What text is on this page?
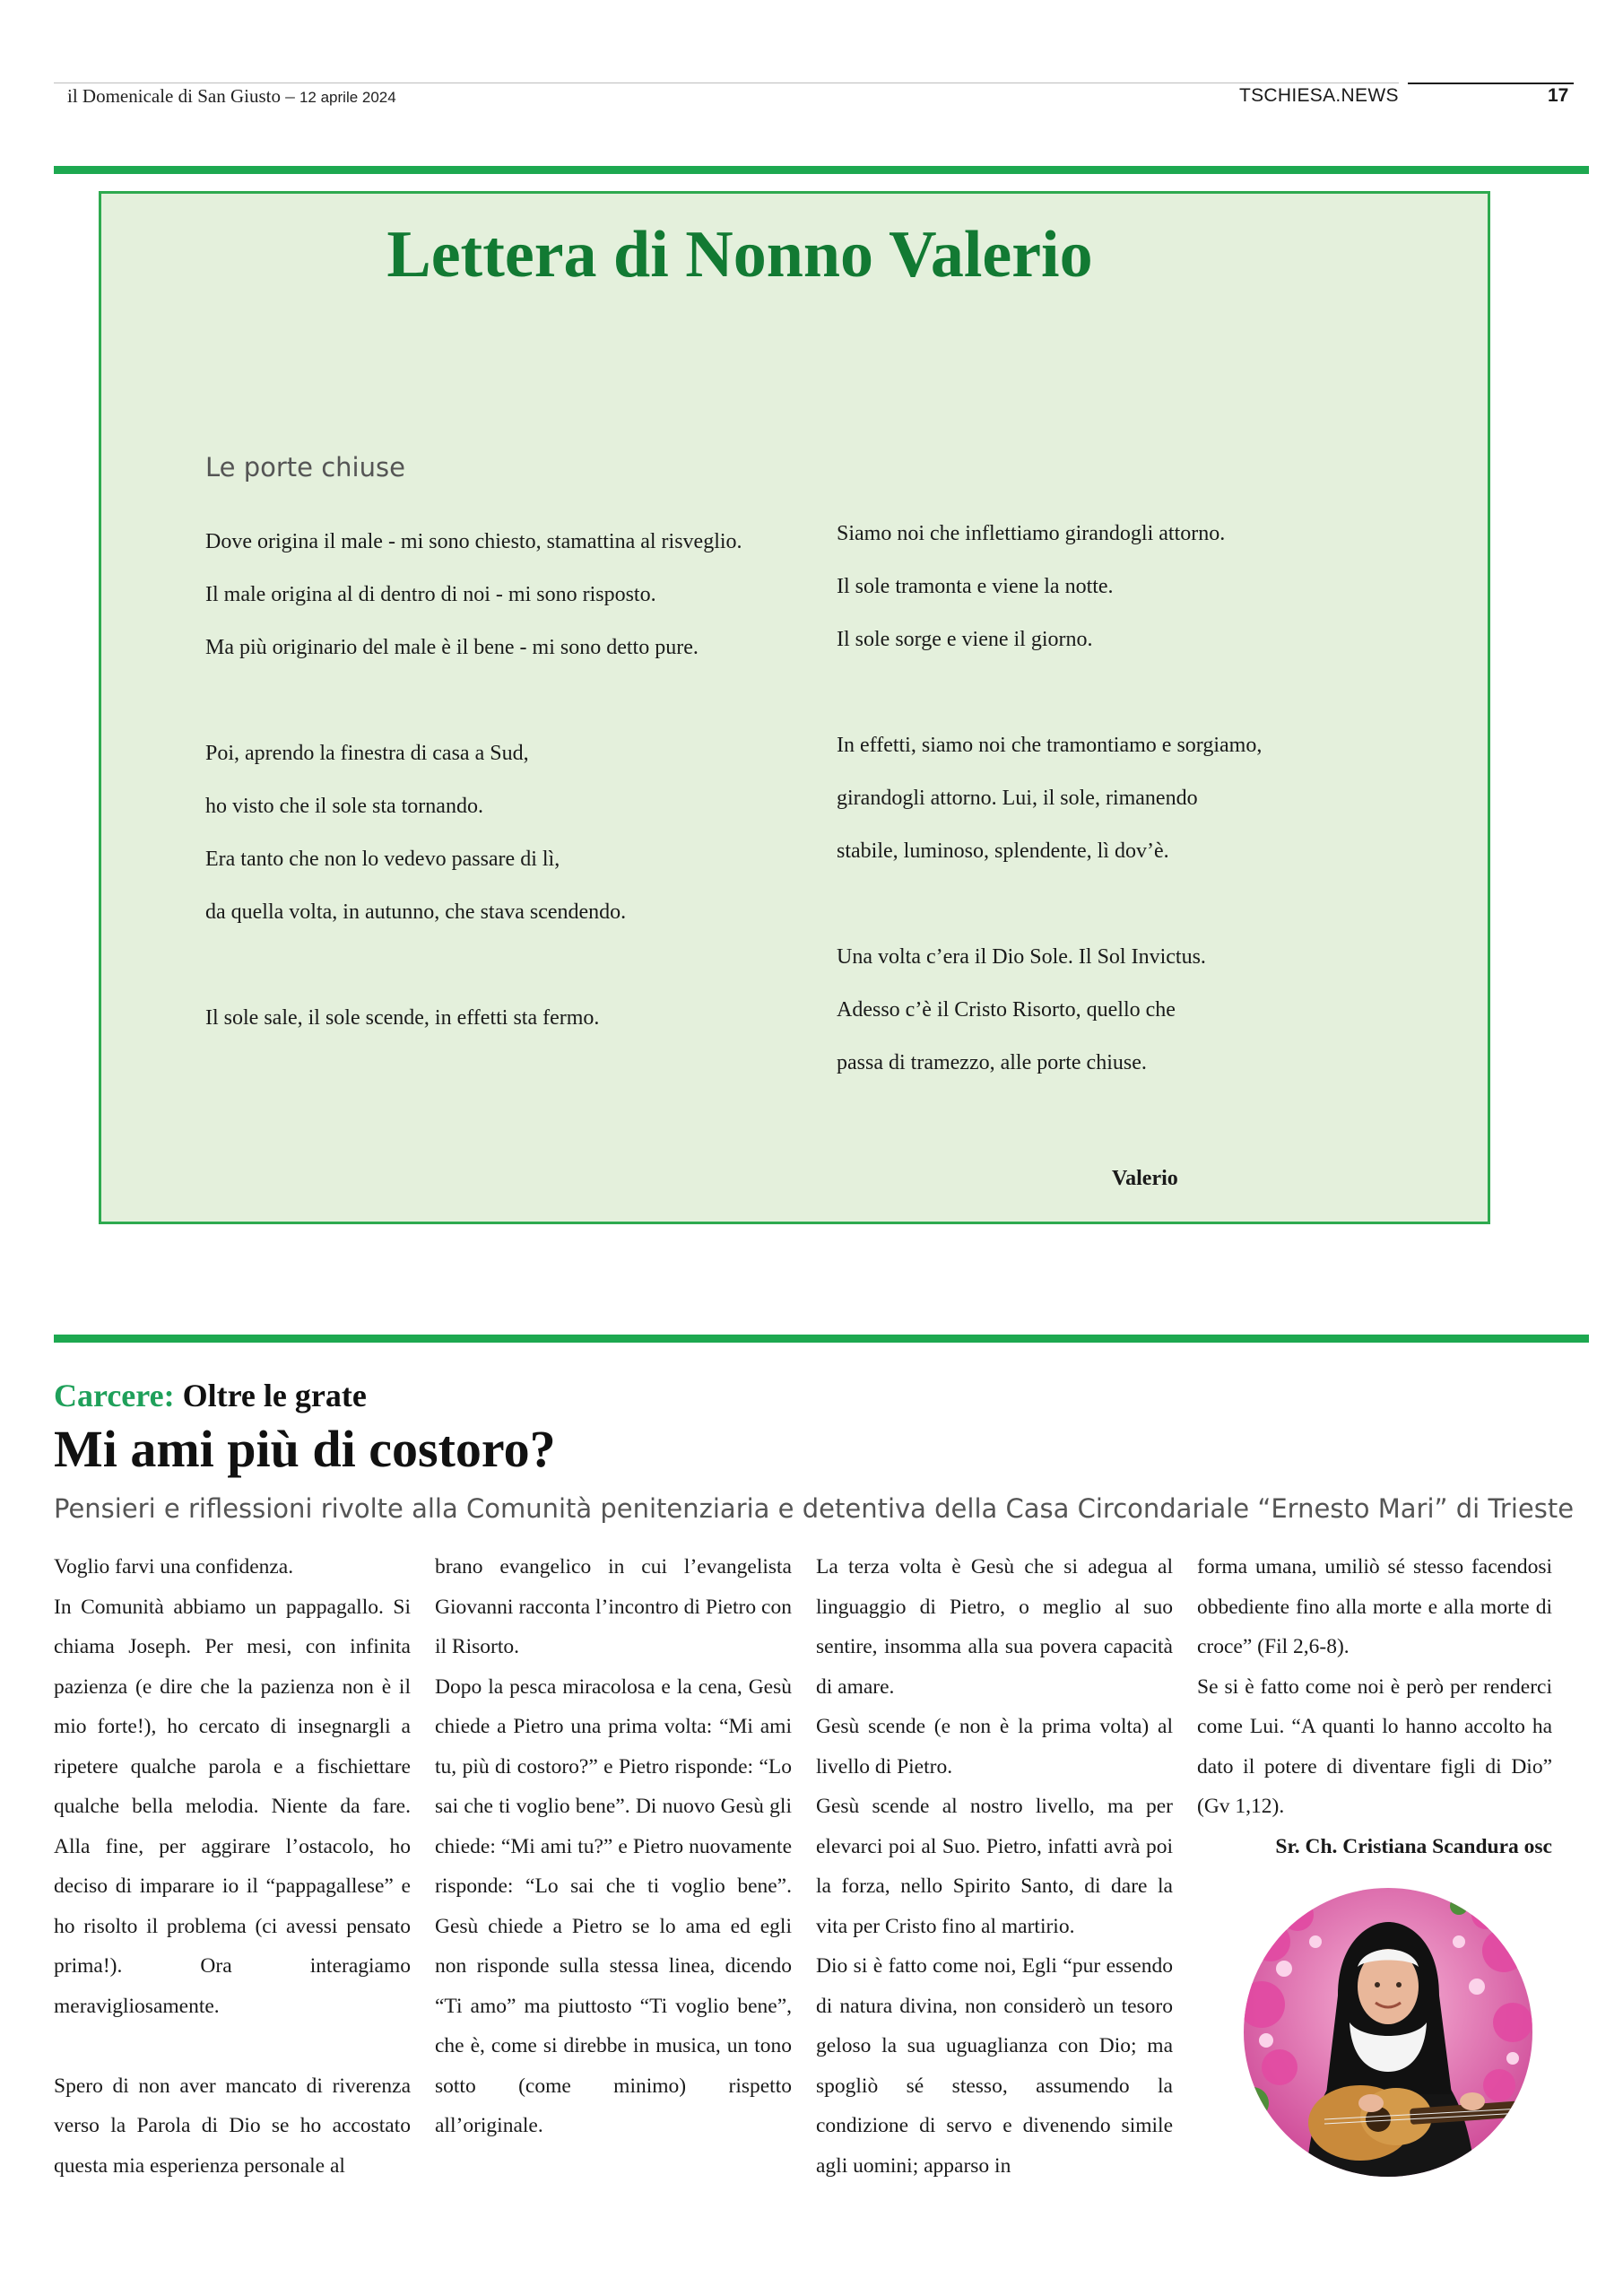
il Domenicale di San Giusto – 12 aprile 2024	TSCHIESA.NEWS	17
Lettera di Nonno Valerio
Le porte chiuse
Dove origina il male - mi sono chiesto, stamattina al risveglio.
Il male origina al di dentro di noi - mi sono risposto.
Ma più originario del male è il bene - mi sono detto pure.
Poi, aprendo la finestra di casa a Sud,
ho visto che il sole sta tornando.
Era tanto che non lo vedevo passare di lì,
da quella volta, in autunno, che stava scendendo.
Il sole sale, il sole scende, in effetti sta fermo.
Siamo noi che inflettiamo girandogli attorno.
Il sole tramonta e viene la notte.
Il sole sorge e viene il giorno.
In effetti, siamo noi che tramontiamo e sorgiamo,
girandogli attorno. Lui, il sole, rimanendo
stabile, luminoso, splendente, lì dov’è.
Una volta c’era il Dio Sole. Il Sol Invictus.
Adesso c’è il Cristo Risorto, quello che
passa di tramezzo, alle porte chiuse.
Valerio
Carcere: Oltre le grate
Mi ami più di costoro?
Pensieri e riflessioni rivolte alla Comunità penitenziaria e detentiva della Casa Circondariale “Ernesto Mari” di Trieste

Voglio farvi una confidenza.

In Comunità abbiamo un pappagallo. Si chiama Joseph. Per mesi, con infinita pazienza (e dire che la pazienza non è il mio forte!), ho cercato di insegnargli a ripetere qualche parola e a fischiettare qualche bella melodia. Niente da fare. Alla fine, per aggirare l’ostacolo, ho deciso di imparare io il “pappagallese” e ho risolto il problema (ci avessi pensato prima!). Ora interagiamo meravigliosamente.

Spero di non aver mancato di riverenza verso la Parola di Dio se ho accostato questa mia esperienza personale al

brano evangelico in cui l’evangelista Giovanni racconta l’incontro di Pietro con il Risorto.

Dopo la pesca miracolosa e la cena, Gesù chiede a Pietro una prima volta: “Mi ami tu, più di costoro?” e Pietro risponde: “Lo sai che ti voglio bene”. Di nuovo Gesù gli chiede: “Mi ami tu?” e Pietro nuovamente risponde: “Lo sai che ti voglio bene”. Gesù chiede a Pietro se lo ama ed egli non risponde sulla stessa linea, dicendo “Ti amo” ma piuttosto “Ti voglio bene”, che è, come si direbbe in musica, un tono sotto (come minimo) rispetto all’originale.

La terza volta è Gesù che si adegua al linguaggio di Pietro, o meglio al suo sentire, insomma alla sua povera capacità di amare.

Gesù scende (e non è la prima volta) al livello di Pietro.

Gesù scende al nostro livello, ma per elevarci poi al Suo. Pietro, infatti avrà poi la forza, nello Spirito Santo, di dare la vita per Cristo fino al martirio.

Dio si è fatto come noi, Egli “pur essendo di natura divina, non considerò un tesoro geloso la sua uguaglianza con Dio; ma spogliò sé stesso, assumendo la condizione di servo e divenendo simile agli uomini; apparso in

forma umana, umiliò sé stesso facendosi obbediente fino alla morte e alla morte di croce” (Fil 2,6-8).

Se si è fatto come noi è però per renderci come Lui. “A quanti lo hanno accolto ha dato il potere di diventare figli di Dio” (Gv 1,12).

Sr. Ch. Cristiana Scandura osc
